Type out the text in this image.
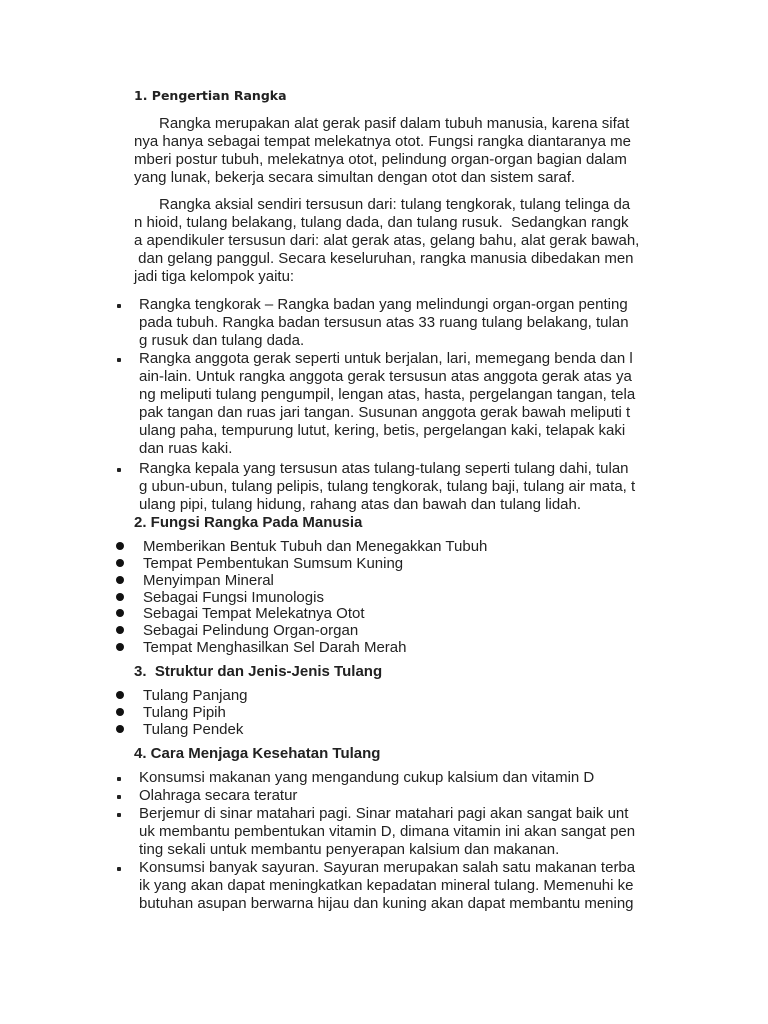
1. Pengertian Rangka
Rangka merupakan alat gerak pasif dalam tubuh manusia, karena sifat
nya hanya sebagai tempat melekatnya otot. Fungsi rangka diantaranya me
mberi postur tubuh, melekatnya otot, pelindung organ-organ bagian dalam
yang lunak, bekerja secara simultan dengan otot dan sistem saraf.
Rangka aksial sendiri tersusun dari: tulang tengkorak, tulang telinga da
n hioid, tulang belakang, tulang dada, dan tulang rusuk.  Sedangkan rangk
a apendikuler tersusun dari: alat gerak atas, gelang bahu, alat gerak bawah,
dan gelang panggul. Secara keseluruhan, rangka manusia dibedakan men
jadi tiga kelompok yaitu:
Rangka tengkorak – Rangka badan yang melindungi organ-organ penting
pada tubuh. Rangka badan tersusun atas 33 ruang tulang belakang, tulan
g rusuk dan tulang dada.
Rangka anggota gerak seperti untuk berjalan, lari, memegang benda dan l
ain-lain. Untuk rangka anggota gerak tersusun atas anggota gerak atas ya
ng meliputi tulang pengumpil, lengan atas, hasta, pergelangan tangan, tela
pak tangan dan ruas jari tangan. Susunan anggota gerak bawah meliputi t
ulang paha, tempurung lutut, kering, betis, pergelangan kaki, telapak kaki
dan ruas kaki.
Rangka kepala yang tersusun atas tulang-tulang seperti tulang dahi, tulan
g ubun-ubun, tulang pelipis, tulang tengkorak, tulang baji, tulang air mata, t
ulang pipi, tulang hidung, rahang atas dan bawah dan tulang lidah.
2. Fungsi Rangka Pada Manusia
Memberikan Bentuk Tubuh dan Menegakkan Tubuh
Tempat Pembentukan Sumsum Kuning
Menyimpan Mineral
Sebagai Fungsi Imunologis
Sebagai Tempat Melekatnya Otot
Sebagai Pelindung Organ-organ
Tempat Menghasilkan Sel Darah Merah
3.  Struktur dan Jenis-Jenis Tulang
Tulang Panjang
Tulang Pipih
Tulang Pendek
4. Cara Menjaga Kesehatan Tulang
Konsumsi makanan yang mengandung cukup kalsium dan vitamin D
Olahraga secara teratur
Berjemur di sinar matahari pagi. Sinar matahari pagi akan sangat baik unt
uk membantu pembentukan vitamin D, dimana vitamin ini akan sangat pen
ting sekali untuk membantu penyerapan kalsium dan makanan.
Konsumsi banyak sayuran. Sayuran merupakan salah satu makanan terba
ik yang akan dapat meningkatkan kepadatan mineral tulang. Memenuhi ke
butuhan asupan berwarna hijau dan kuning akan dapat membantu mening
